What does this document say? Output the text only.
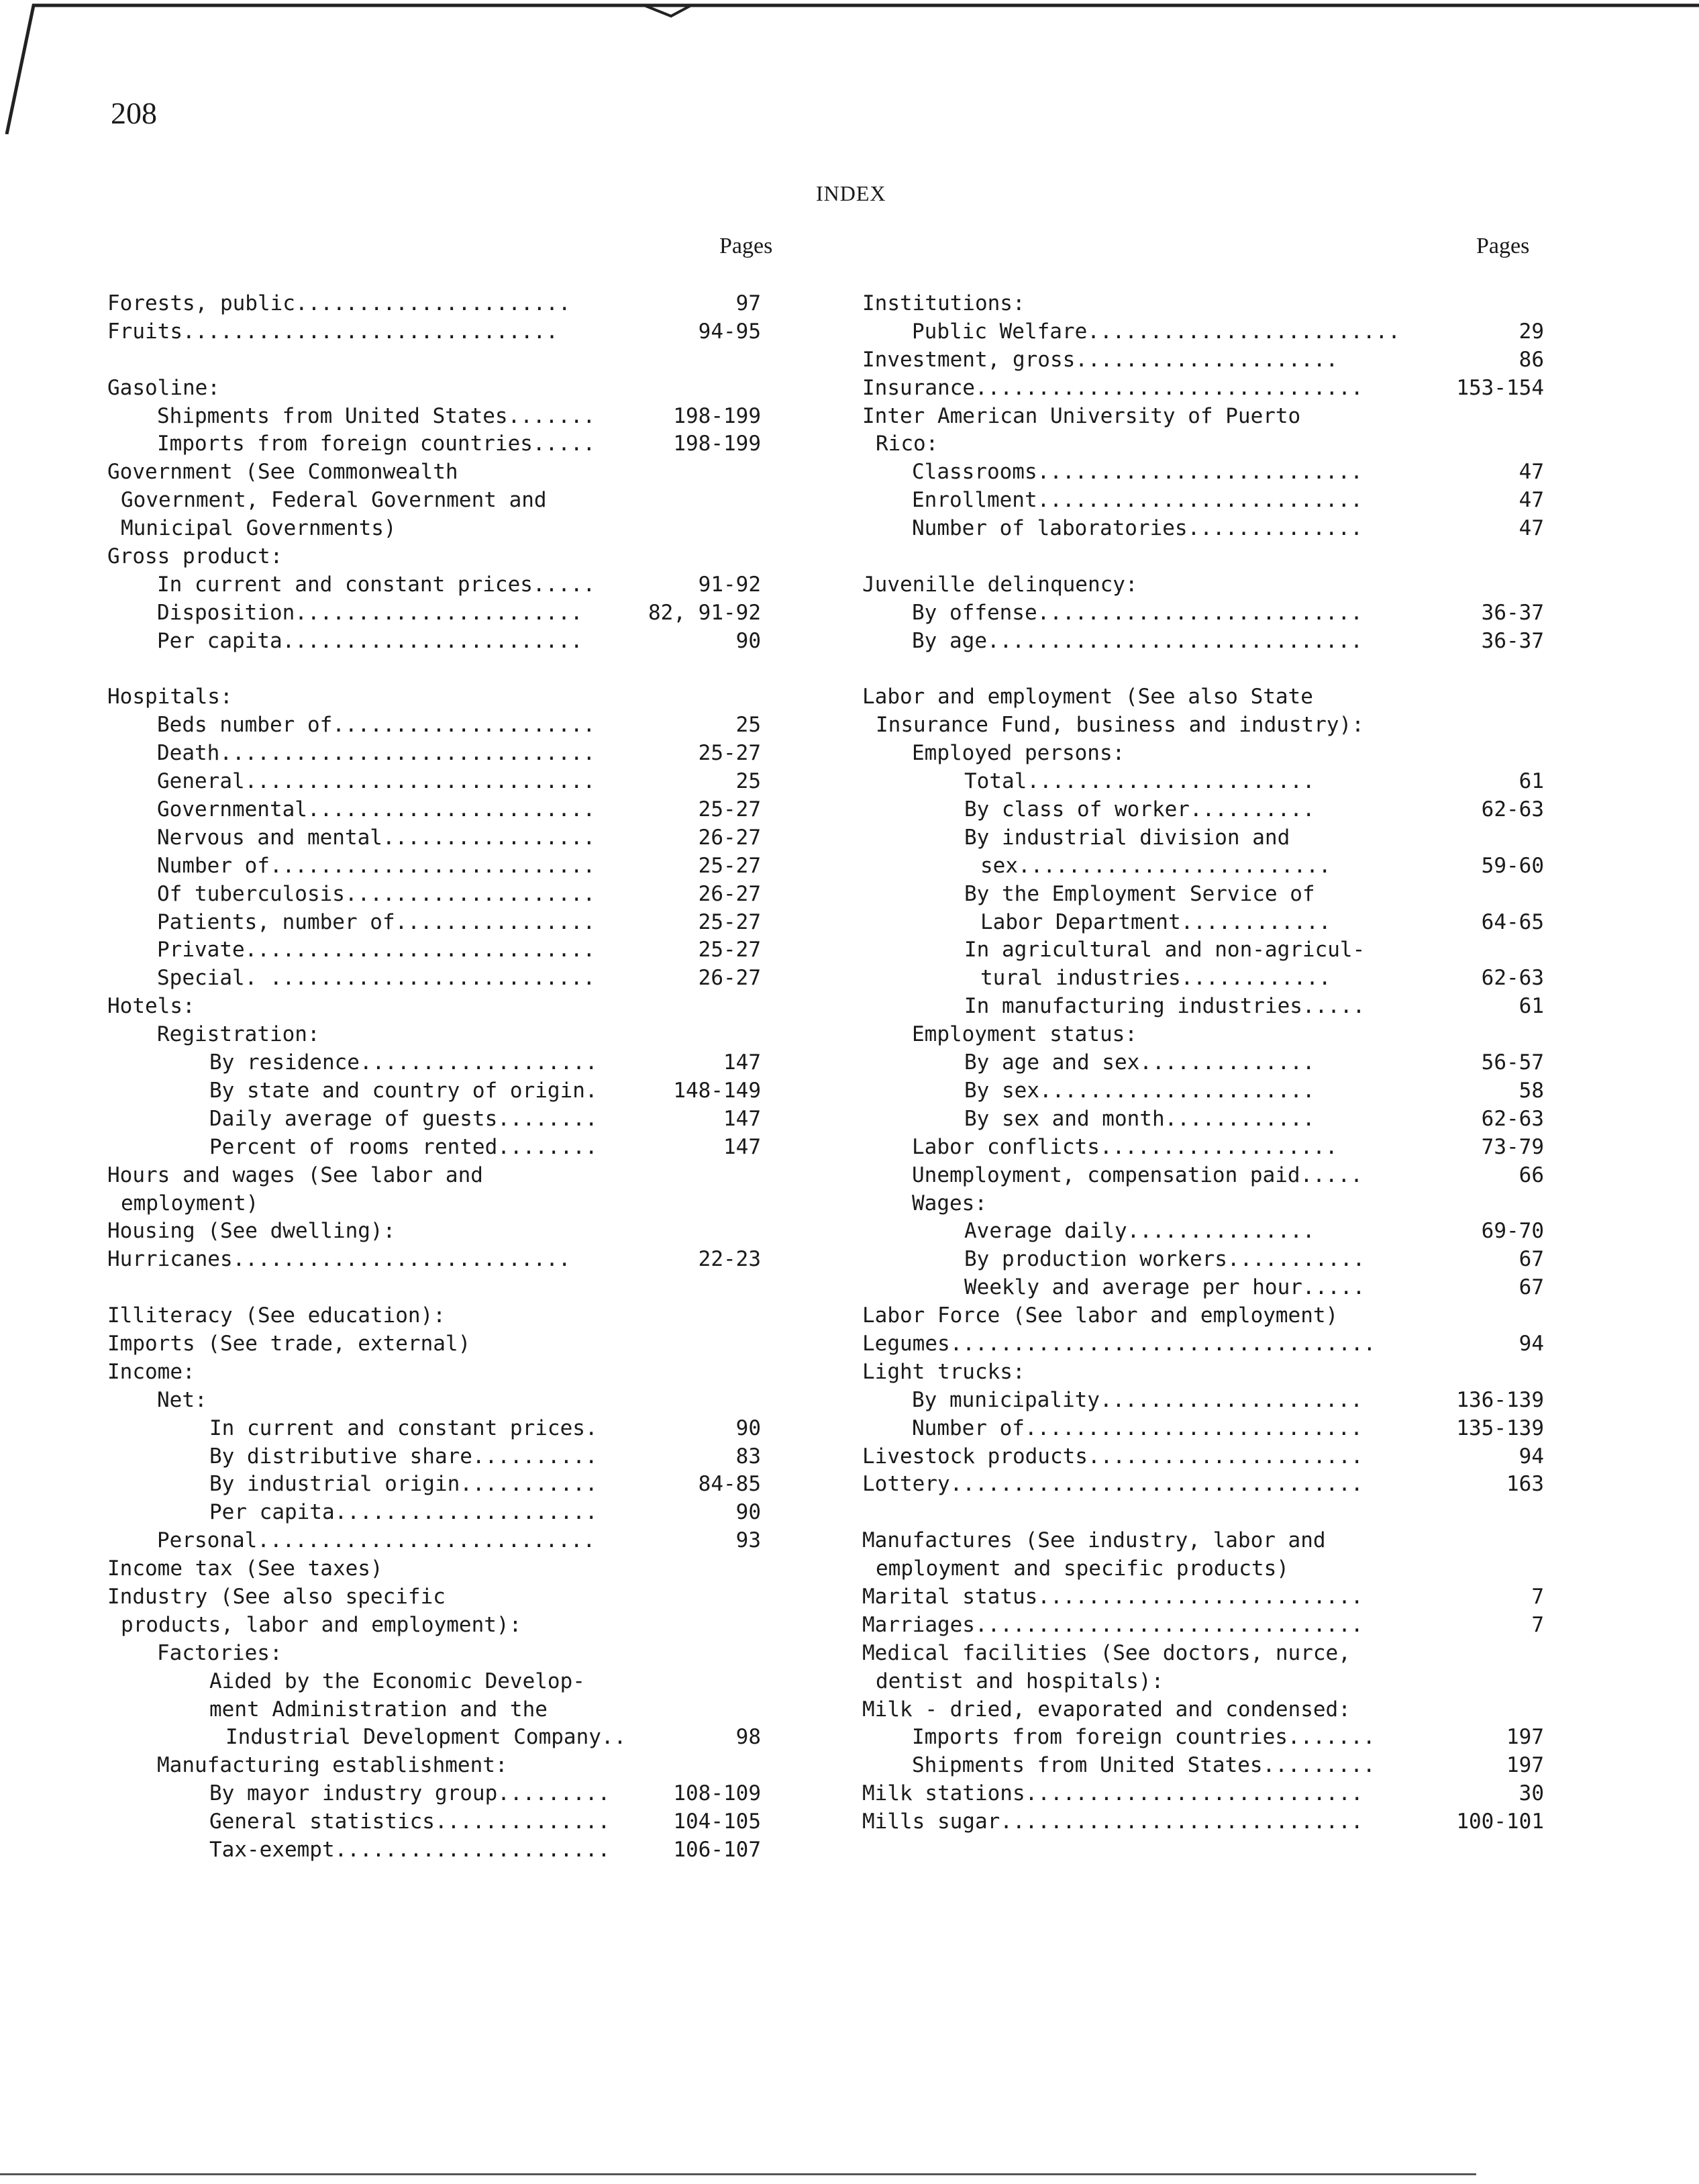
208
INDEX
Pages
Forests, public......................	97
Fruits..............................	94-95
Gasoline:
Shipments from United States.......	198-199
Imports from foreign countries.....	198-199
Government (See Commonwealth
Government, Federal Government and
Municipal Governments)
Gross product:
In current and constant prices.....	91-92
Disposition.......................	82, 91-92
Per capita........................	90
Hospitals:
Beds number of.....................	25
Death..............................	25-27
General............................	25
Governmental.......................	25-27
Nervous and mental.................	26-27
Number of..........................	25-27
Of tuberculosis....................	26-27
Patients, number of................	25-27
Private............................	25-27
Special. ..........................	26-27
Hotels:
Registration:
By residence...................	147
By state and country of origin.	148-149
Daily average of guests........	147
Percent of rooms rented........	147
Hours and wages (See labor and
employment)
Housing (See dwelling):
Hurricanes...........................	22-23
Illiteracy (See education):
Imports (See trade, external)
Income:
Net:
In current and constant prices.	90
By distributive share..........	83
By industrial origin...........	84-85
Per capita.....................	90
Personal...........................	93
Income tax (See taxes)
Industry (See also specific
products, labor and employment):
Factories:
Aided by the Economic Develop-
ment Administration and the
Industrial Development Company..	98
Manufacturing establishment:
By mayor industry group.........	108-109
General statistics..............	104-105
Tax-exempt......................	106-107
Pages
Institutions:
Public Welfare.........................	29
Investment, gross.....................	86
Insurance...............................	153-154
Inter American University of Puerto
Rico:
Classrooms..........................	47
Enrollment..........................	47
Number of laboratories..............	47
Juvenille delinquency:
By offense..........................	36-37
By age..............................	36-37
Labor and employment (See also State
Insurance Fund, business and industry):
Employed persons:
Total.......................	61
By class of worker..........	62-63
By industrial division and
sex.........................	59-60
By the Employment Service of
Labor Department............	64-65
In agricultural and non-agricul-
tural industries............	62-63
In manufacturing industries.....	61
Employment status:
By age and sex..............	56-57
By sex......................	58
By sex and month............	62-63
Labor conflicts...................	73-79
Unemployment, compensation paid.....	66
Wages:
Average daily...............	69-70
By production workers...........	67
Weekly and average per hour.....	67
Labor Force (See labor and employment)
Legumes..................................	94
Light trucks:
By municipality.....................	136-139
Number of...........................	135-139
Livestock products......................	94
Lottery.................................	163
Manufactures (See industry, labor and
employment and specific products)
Marital status..........................	7
Marriages...............................	7
Medical facilities (See doctors, nurce,
dentist and hospitals):
Milk - dried, evaporated and condensed:
Imports from foreign countries.......	197
Shipments from United States.........	197
Milk stations...........................	30
Mills sugar.............................	100-101
